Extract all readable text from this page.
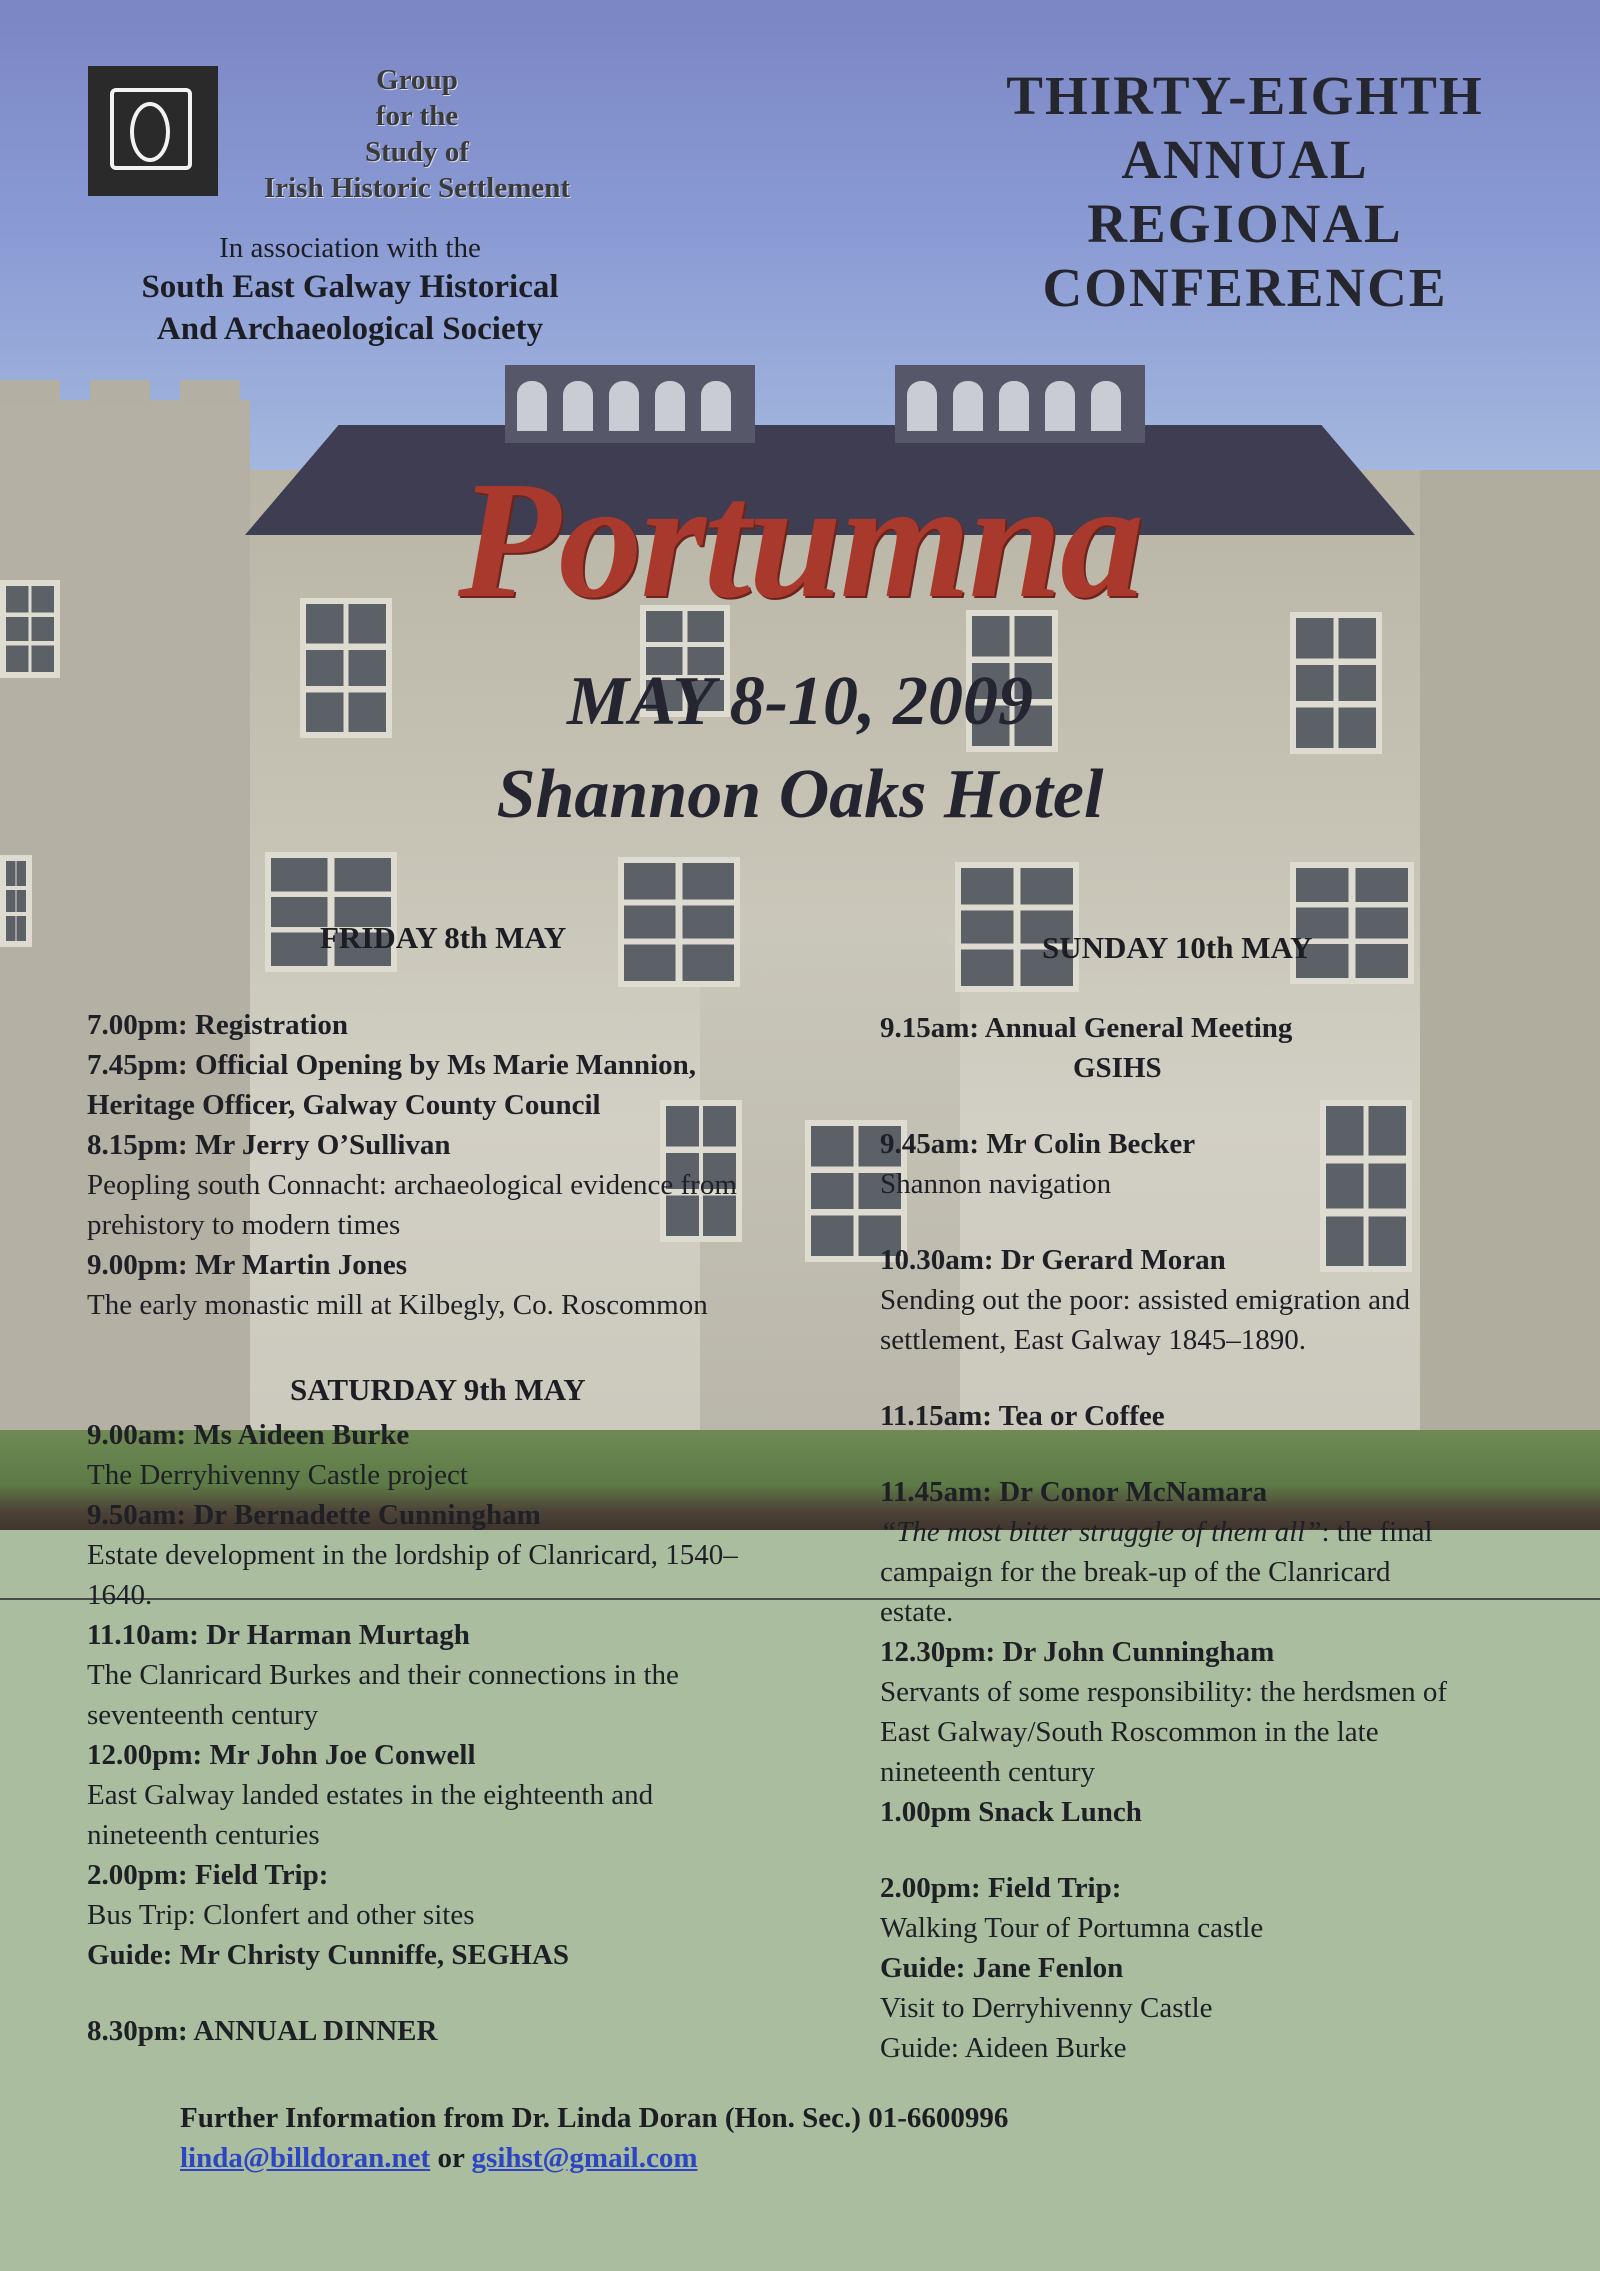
Group
for the
Study of
Irish Historic Settlement
In association with the
South East Galway Historical
And Archaeological Society
THIRTY-EIGHTH
ANNUAL
REGIONAL
CONFERENCE
Portumna
MAY 8-10, 2009
Shannon Oaks Hotel
FRIDAY 8th MAY
7.00pm: Registration
7.45pm: Official Opening by Ms Marie Mannion,
Heritage Officer, Galway County Council
8.15pm: Mr Jerry O’Sullivan
Peopling south Connacht: archaeological evidence from
prehistory to modern times
9.00pm: Mr Martin Jones
The early monastic mill at Kilbegly, Co. Roscommon
SATURDAY 9th MAY
9.00am: Ms Aideen Burke
The Derryhivenny Castle project
9.50am: Dr Bernadette Cunningham
Estate development in the lordship of Clanricard, 1540–
1640.
11.10am: Dr Harman Murtagh
The Clanricard Burkes and their connections in the
seventeenth century
12.00pm: Mr John Joe Conwell
East Galway landed estates in the eighteenth and
nineteenth centuries
2.00pm: Field Trip:
Bus Trip: Clonfert and other sites
Guide: Mr Christy Cunniffe, SEGHAS
8.30pm: ANNUAL DINNER
SUNDAY 10th MAY
9.15am: Annual General Meeting
GSIHS
9.45am: Mr Colin Becker
Shannon navigation
10.30am: Dr Gerard Moran
Sending out the poor: assisted emigration and
settlement, East Galway 1845–1890.
11.15am: Tea or Coffee
11.45am: Dr Conor McNamara
“The most bitter struggle of them all”: the final
campaign for the break-up of the Clanricard
estate.
12.30pm: Dr John Cunningham
Servants of some responsibility: the herdsmen of
East Galway/South Roscommon in the late
nineteenth century
1.00pm Snack Lunch
2.00pm: Field Trip:
Walking Tour of Portumna castle
Guide: Jane Fenlon
Visit to Derryhivenny Castle
Guide: Aideen Burke
Further Information from Dr. Linda Doran (Hon. Sec.) 01-6600996
linda@billdoran.net or gsihst@gmail.com
